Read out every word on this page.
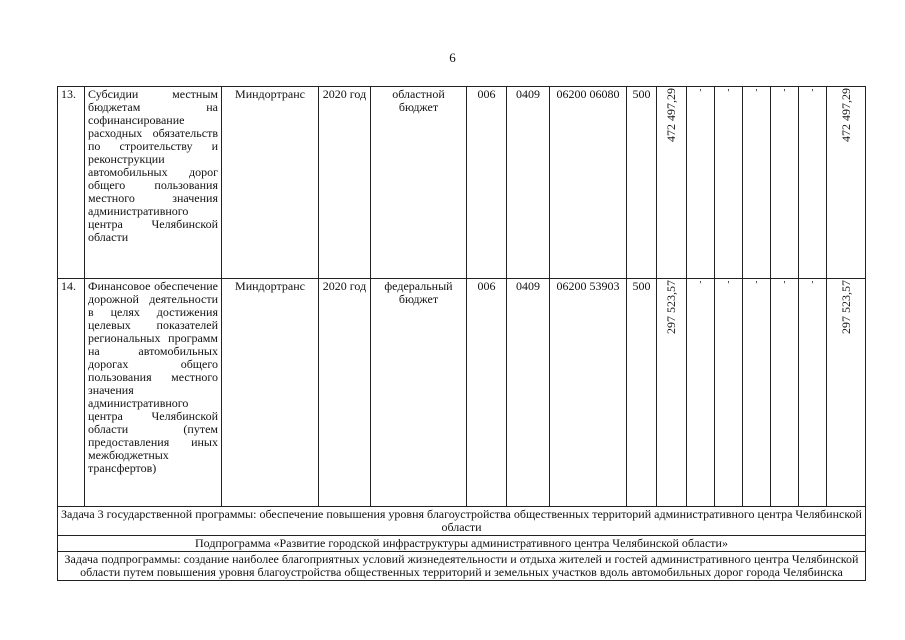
6
13.	Субсидии местным бюджетам на софинансирование расходных обязательств по строительству и реконструкции автомобильных дорог общего пользования местного значения административного центра Челябинской области	Миндортранс	2020 год	областной бюджет	006	0409	06200 06080	500	472 497,29	'	'	'	'	'	472 497,29
14.	Финансовое обеспечение дорожной деятельности в целях достижения целевых показателей региональных программ на автомобильных дорогах общего пользования местного значения административного центра Челябинской области (путем предоставления иных межбюджетных трансфертов)	Миндортранс	2020 год	федеральный бюджет	006	0409	06200 53903	500	297 523,57	'	'	'	'	'	297 523,57
Задача 3 государственной программы: обеспечение повышения уровня благоустройства общественных территорий административного центра Челябинской области															
Подпрограмма «Развитие городской инфраструктуры административного центра Челябинской области»															
Задача подпрограммы: создание наиболее благоприятных условий жизнедеятельности и отдыха жителей и гостей административного центра Челябинской области путем повышения уровня благоустройства общественных территорий и земельных участков вдоль автомобильных дорог города Челябинска															
